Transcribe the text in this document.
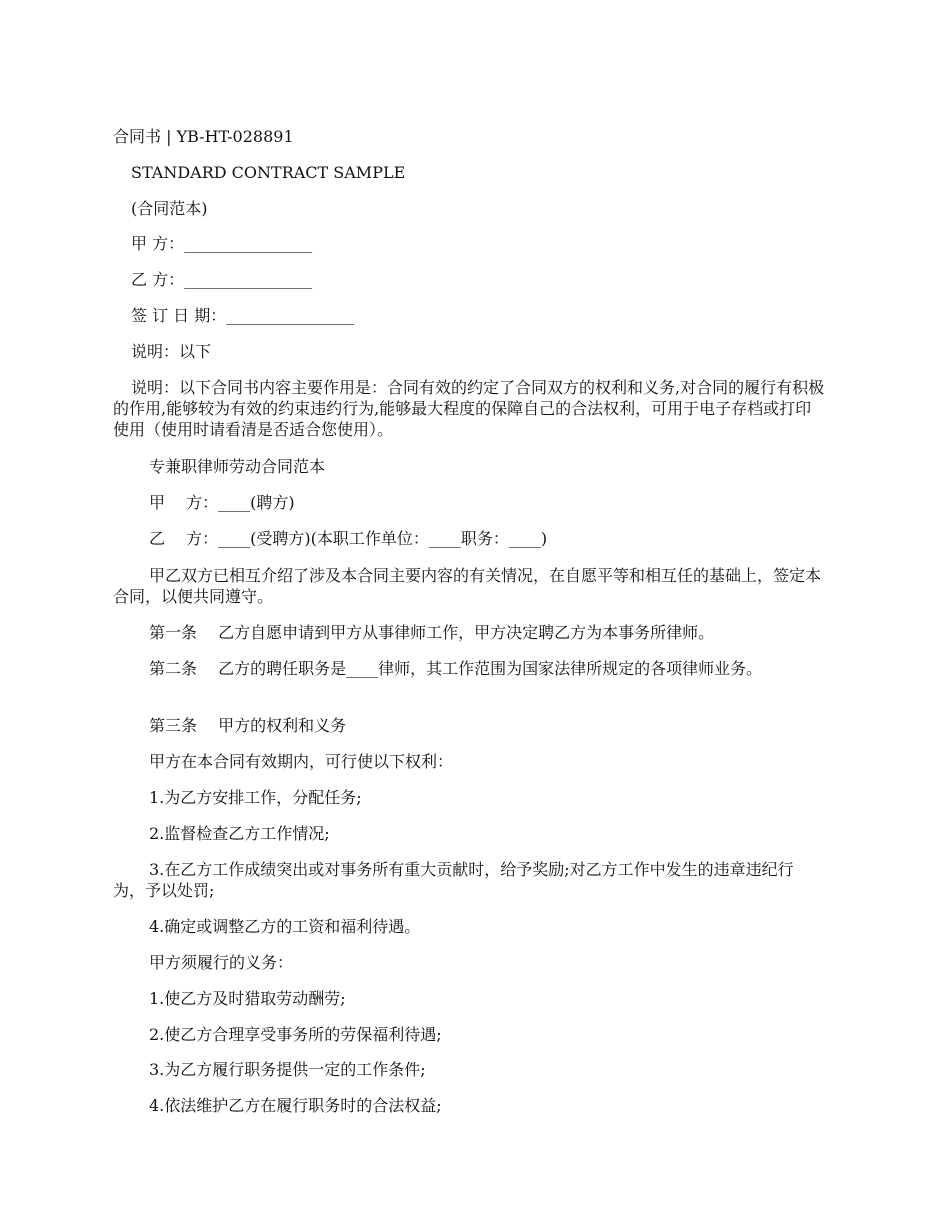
合同书 | YB-HT-028891
STANDARD CONTRACT SAMPLE
(合同范本)
甲 方：________________
乙 方：________________
签 订 日 期：________________
说明：以下
说明：以下合同书内容主要作用是：合同有效的约定了合同双方的权利和义务,对合同的履行有积极的作用,能够较为有效的约束违约行为,能够最大程度的保障自己的合法权利，可用于电子存档或打印使用（使用时请看清是否适合您使用）。
专兼职律师劳动合同范本
甲　 方：____(聘方)
乙　 方：____(受聘方)(本职工作单位：____职务：____)
甲乙双方已相互介绍了涉及本合同主要内容的有关情况，在自愿平等和相互任的基础上，签定本合同，以便共同遵守。
第一条　 乙方自愿申请到甲方从事律师工作，甲方决定聘乙方为本事务所律师。
第二条　 乙方的聘任职务是____律师，其工作范围为国家法律所规定的各项律师业务。
第三条　 甲方的权利和义务
甲方在本合同有效期内，可行使以下权利：
1.为乙方安排工作，分配任务;
2.监督检查乙方工作情况;
3.在乙方工作成绩突出或对事务所有重大贡献时，给予奖励;对乙方工作中发生的违章违纪行为，予以处罚;
4.确定或调整乙方的工资和福利待遇。
甲方须履行的义务：
1.使乙方及时猎取劳动酬劳;
2.使乙方合理享受事务所的劳保福利待遇;
3.为乙方履行职务提供一定的工作条件;
4.依法维护乙方在履行职务时的合法权益;
